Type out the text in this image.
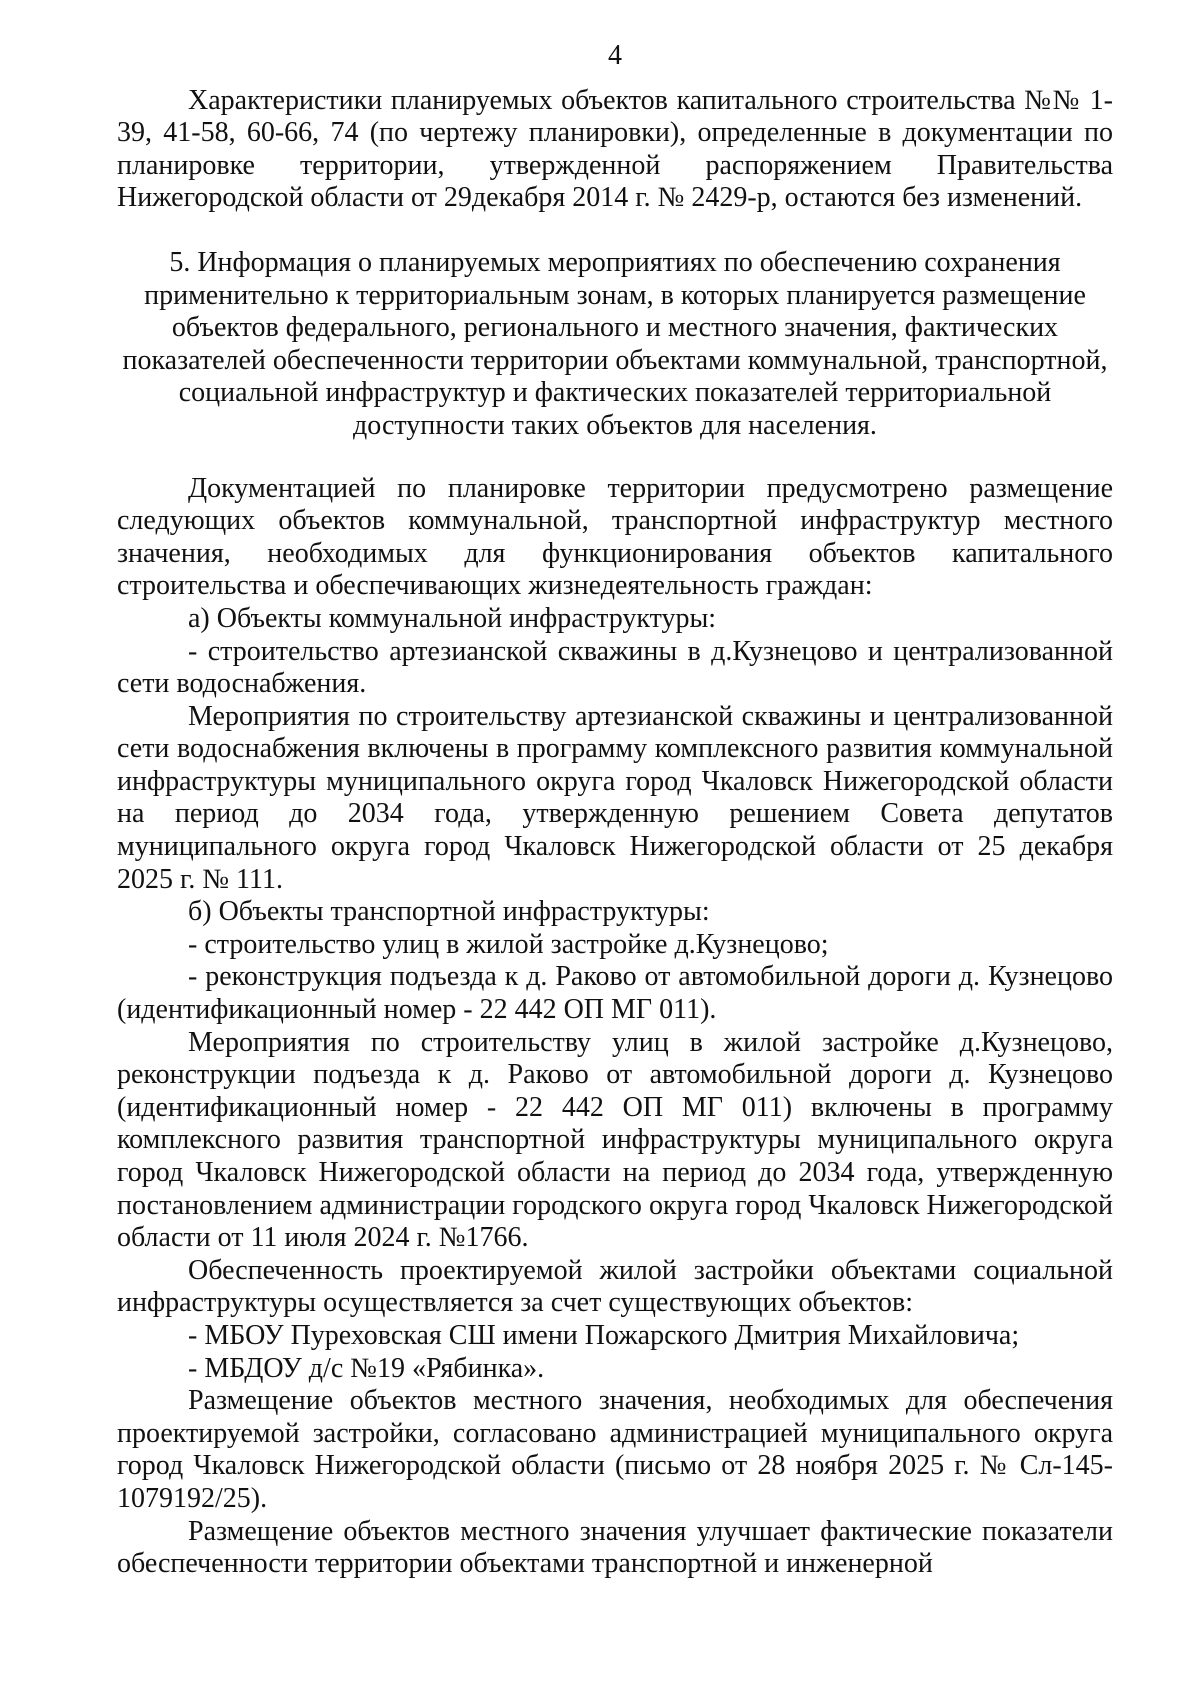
4

Характеристики планируемых объектов капитального строительства №№ 1-39, 41-58, 60-66, 74 (по чертежу планировки), определенные в документации по планировке территории, утвержденной распоряжением Правительства Нижегородской области от 29декабря 2014 г. № 2429-р, остаются без изменений.

5. Информация о планируемых мероприятиях по обеспечению сохранения применительно к территориальным зонам, в которых планируется размещение объектов федерального, регионального и местного значения, фактических показателей обеспеченности территории объектами коммунальной, транспортной, социальной инфраструктур и фактических показателей территориальной доступности таких объектов для населения.

Документацией по планировке территории предусмотрено размещение следующих объектов коммунальной, транспортной инфраструктур местного значения, необходимых для функционирования объектов капитального строительства и обеспечивающих жизнедеятельность граждан:

а) Объекты коммунальной инфраструктуры:

- строительство артезианской скважины в д.Кузнецово и централизованной сети водоснабжения.

Мероприятия по строительству артезианской скважины и централизованной сети водоснабжения включены в программу комплексного развития коммунальной инфраструктуры муниципального округа город Чкаловск Нижегородской области на период до 2034 года, утвержденную решением Совета депутатов муниципального округа город Чкаловск Нижегородской области от 25 декабря 2025 г. № 111.

б) Объекты транспортной инфраструктуры:

- строительство улиц в жилой застройке д.Кузнецово;

- реконструкция подъезда к д. Раково от автомобильной дороги д. Кузнецово (идентификационный номер - 22 442 ОП МГ 011).

Мероприятия по строительству улиц в жилой застройке д.Кузнецово, реконструкции подъезда к д. Раково от автомобильной дороги д. Кузнецово (идентификационный номер - 22 442 ОП МГ 011) включены в программу комплексного развития транспортной инфраструктуры муниципального округа город Чкаловск Нижегородской области на период до 2034 года, утвержденную постановлением администрации городского округа город Чкаловск Нижегородской области от 11 июля 2024 г. №1766.

Обеспеченность проектируемой жилой застройки объектами социальной инфраструктуры осуществляется за счет существующих объектов:

- МБОУ Пуреховская СШ имени Пожарского Дмитрия Михайловича;

- МБДОУ д/с №19 «Рябинка».

Размещение объектов местного значения, необходимых для обеспечения проектируемой застройки, согласовано администрацией муниципального округа город Чкаловск Нижегородской области (письмо от 28 ноября 2025 г. № Сл-145-1079192/25).

Размещение объектов местного значения улучшает фактические показатели обеспеченности территории объектами транспортной и инженерной
